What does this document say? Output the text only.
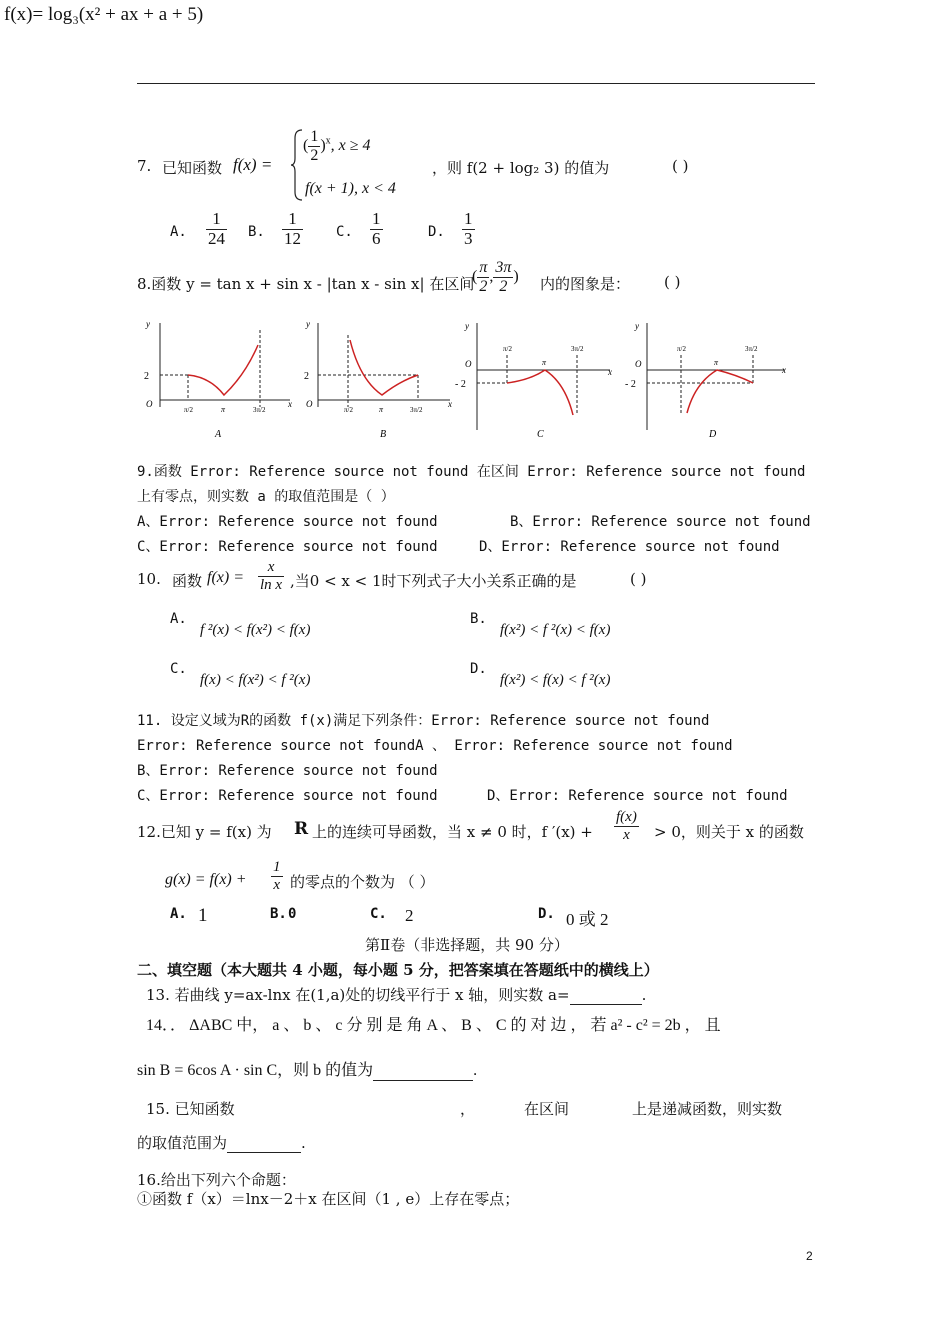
f(x)= log₃(x² + ax + a + 5)
7. 已知函数 f(x) =
( $\frac{1}{2} )^x$, x ≥ 4
f(x + 1), x < 4
，则 f(2 + log₂ 3) 的值为	( )
A. $\frac{1}{24} B$. $\frac{1}{12} C$. $\frac{1}{6}$	D. $\frac{1}{3}$
8.函数 y = tan x + sin x - |tan x - sin x| 在区间
( $\frac{\pi}{2}$ , $\frac{3\pi}{2}$ ) 内的图象是： ( )
y
x
O
2
π/2	π	3π/2
A
y
x
O
2
π/2	π	3π/2
B
y
x
O
- 2
π/2
π
3π/2
C
y
x
O
- 2
π/2
π
3π/2
D
9.函数 Error: Reference source not found 在区间 Error: Reference source not found
上有零点，则实数 a 的取值范围是（ ）
A、Error: Reference source not found	B、Error: Reference source not found
C、Error: Reference source not found	D、Error: Reference source not found
10. 函数 $f(x) = \frac{x}{\text{ln x}}$ ,当0 < x < 1时下列式子大小关系正确的是	( )
A.
f ²(x) < f(x²) < f(x)
B.
f(x²) < f ²(x) < f(x)
C.
f(x) < f(x²) < f ²(x)
D.
f(x²) < f(x) < f ²(x)
11. 设定义域为R的函数 f(x)满足下列条件：Error: Reference source not found
Error: Reference source not foundA 、 Error: Reference source not found
B、Error: Reference source not found
C、Error: Reference source not found	D、Error: Reference source not found
12.已知 y = f(x) 为 R 上的连续可导函数，当 x ≠ 0 时，f $'(x) + \frac{f(x)}{x} > 0$，则关于 x 的函数
$g(x) = f(x) + \frac{1}{x}$ 的零点的个数为 （ ）
A. 1	B. 0	C. 2	D. 0 或 2
第Ⅱ卷（非选择题，共 90 分）
二、填空题（本大题共 4 小题，每小题 5 分，把答案填在答题纸中的横线上）
13. 若曲线 y=ax-lnx 在(1,a)处的切线平行于 x 轴，则实数 a=	.
14．． ΔABC 中， a 、 b 、 c 分 别 是 角 A 、 B 、 C 的 对 边 ， 若 a² - c² = 2b ， 且
sin B = 6cos A · sin C，则 b 的值为	.
15. 已知函数	，	在区间	上是递减函数，则实数
的取值范围为	.
16.给出下列六个命题：
①函数 f（x）＝lnx－2＋x 在区间（1 , e）上存在零点；
2
